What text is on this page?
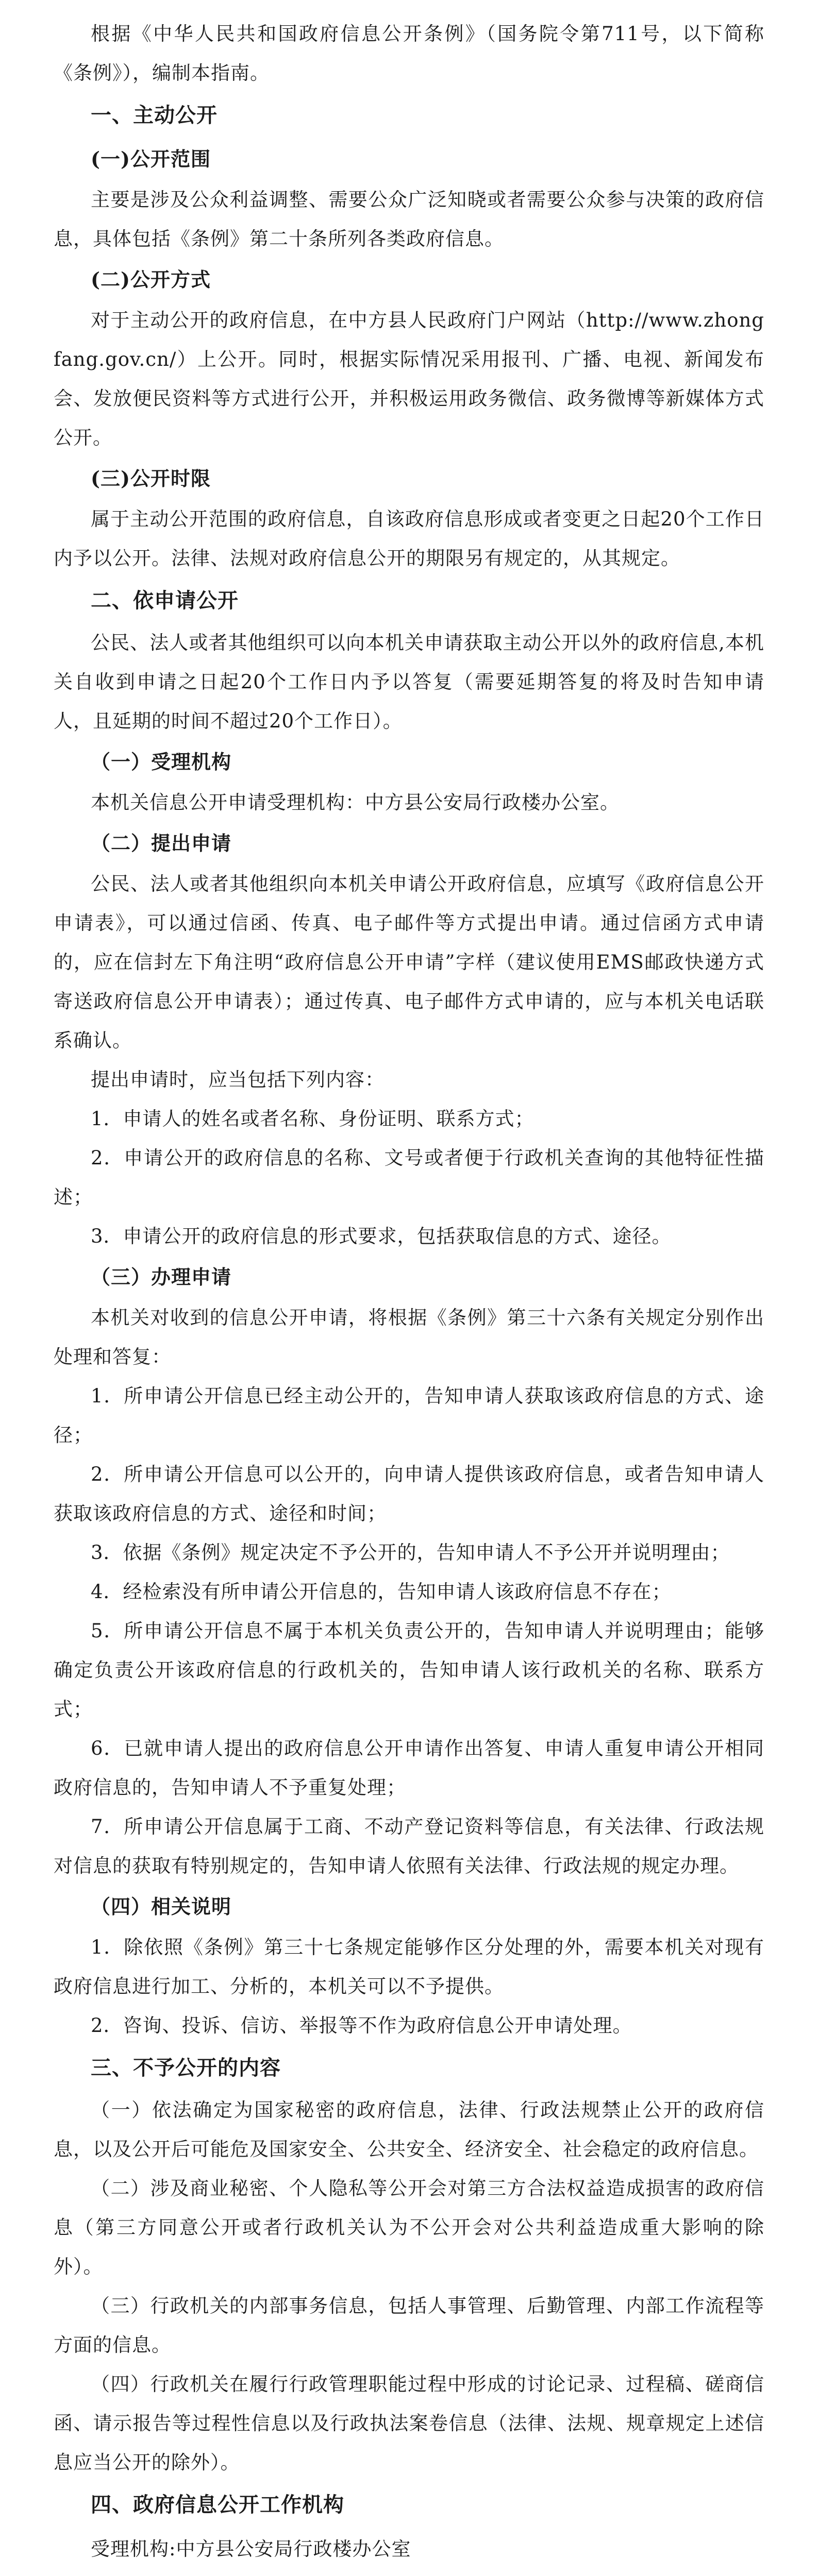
根据《中华人民共和国政府信息公开条例》（国务院令第711号，以下简称《条例》），编制本指南。

一、主动公开

(一)公开范围

主要是涉及公众利益调整、需要公众广泛知晓或者需要公众参与决策的政府信息，具体包括《条例》第二十条所列各类政府信息。

(二)公开方式

对于主动公开的政府信息，在中方县人民政府门户网站（http://www.zhongfang.gov.cn/）上公开。同时，根据实际情况采用报刊、广播、电视、新闻发布会、发放便民资料等方式进行公开，并积极运用政务微信、政务微博等新媒体方式公开。

(三)公开时限

属于主动公开范围的政府信息，自该政府信息形成或者变更之日起20个工作日内予以公开。法律、法规对政府信息公开的期限另有规定的，从其规定。

二、依申请公开

公民、法人或者其他组织可以向本机关申请获取主动公开以外的政府信息,本机关自收到申请之日起20个工作日内予以答复（需要延期答复的将及时告知申请人，且延期的时间不超过20个工作日）。

（一）受理机构

本机关信息公开申请受理机构：中方县公安局行政楼办公室。

（二）提出申请

公民、法人或者其他组织向本机关申请公开政府信息，应填写《政府信息公开申请表》，可以通过信函、传真、电子邮件等方式提出申请。通过信函方式申请的，应在信封左下角注明“政府信息公开申请”字样（建议使用EMS邮政快递方式寄送政府信息公开申请表）；通过传真、电子邮件方式申请的，应与本机关电话联系确认。

提出申请时，应当包括下列内容：

1．申请人的姓名或者名称、身份证明、联系方式；

2．申请公开的政府信息的名称、文号或者便于行政机关查询的其他特征性描述；

3．申请公开的政府信息的形式要求，包括获取信息的方式、途径。

（三）办理申请

本机关对收到的信息公开申请，将根据《条例》第三十六条有关规定分别作出处理和答复：

1．所申请公开信息已经主动公开的，告知申请人获取该政府信息的方式、途径；

2．所申请公开信息可以公开的，向申请人提供该政府信息，或者告知申请人获取该政府信息的方式、途径和时间；

3．依据《条例》规定决定不予公开的，告知申请人不予公开并说明理由；

4．经检索没有所申请公开信息的，告知申请人该政府信息不存在；

5．所申请公开信息不属于本机关负责公开的，告知申请人并说明理由；能够确定负责公开该政府信息的行政机关的，告知申请人该行政机关的名称、联系方式；

6．已就申请人提出的政府信息公开申请作出答复、申请人重复申请公开相同政府信息的，告知申请人不予重复处理；

7．所申请公开信息属于工商、不动产登记资料等信息，有关法律、行政法规对信息的获取有特别规定的，告知申请人依照有关法律、行政法规的规定办理。

（四）相关说明

1．除依照《条例》第三十七条规定能够作区分处理的外，需要本机关对现有政府信息进行加工、分析的，本机关可以不予提供。

2．咨询、投诉、信访、举报等不作为政府信息公开申请处理。

三、不予公开的内容

（一）依法确定为国家秘密的政府信息，法律、行政法规禁止公开的政府信息，以及公开后可能危及国家安全、公共安全、经济安全、社会稳定的政府信息。

（二）涉及商业秘密、个人隐私等公开会对第三方合法权益造成损害的政府信息（第三方同意公开或者行政机关认为不公开会对公共利益造成重大影响的除外）。

（三）行政机关的内部事务信息，包括人事管理、后勤管理、内部工作流程等方面的信息。

（四）行政机关在履行行政管理职能过程中形成的讨论记录、过程稿、磋商信函、请示报告等过程性信息以及行政执法案卷信息（法律、法规、规章规定上述信息应当公开的除外）。

四、政府信息公开工作机构

受理机构:中方县公安局行政楼办公室
